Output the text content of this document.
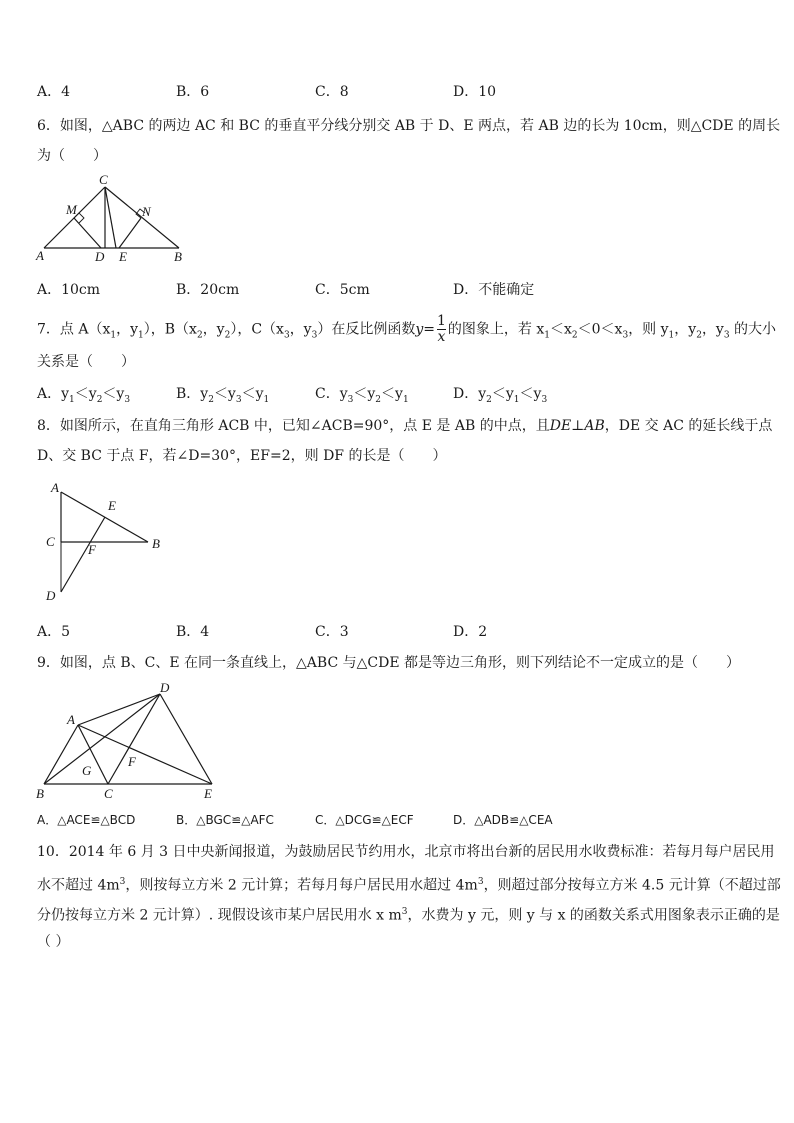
A．4	B．6	C．8	D．10
6．如图，△ABC 的两边 AC 和 BC 的垂直平分线分别交 AB 于 D、E 两点，若 AB 边的长为 10cm，则△CDE 的周长
为（　　）
C
M	N
A	D E	B
A．10cm	B．20cm	C．5cm	D．不能确定
7．点 $A(x_1$，$y_1$），$B(x_2$，$y_2$），$C(x_3$，$y_3$）在反比例函数$y= \frac{1}{x}$ 的图象上，若 $x_1<x_2<0<x_3$，则 $y_1$，$y_2$，$y_3$ 的大小
关系是（　　）
A．$y_1<y_2<y_3$	B．$y_2<y_3<y_1$	C．$y_3<y_2<y_1$	D．$y_2<y_1<y_3$
8．如图所示，在直角三角形 ACB 中，已知∠ACB=90°，点 E 是 AB 的中点，且DE⊥AB，DE 交 AC 的延长线于点
D、交 BC 于点 F，若∠D=30°，EF=2，则 DF 的长是（　　）
A
E
C	B
F
D
A．5	B．4	C．3	D．2
9．如图，点 B、C、E 在同一条直线上，△ABC 与△CDE 都是等边三角形，则下列结论不一定成立的是（　　）
D
A
G
F
B	C	E
A．△ACE≌△BCD	B．△BGC≌△AFC	C．△DCG≌△ECF	D．△ADB≌△CEA
10．2014 年 6 月 3 日中央新闻报道，为鼓励居民节约用水，北京市将出台新的居民用水收费标准：若每月每户居民用
水不超过 $4m^3$，则按每立方米 2 元计算；若每月每户居民用水超过 $4m^3$，则超过部分按每立方米 4.5 元计算（不超过部
分仍按每立方米 2 元计算）. 现假设该市某户居民用水 x $m^3$，水费为 y 元，则 y 与 x 的函数关系式用图象表示正确的是
（ ）
